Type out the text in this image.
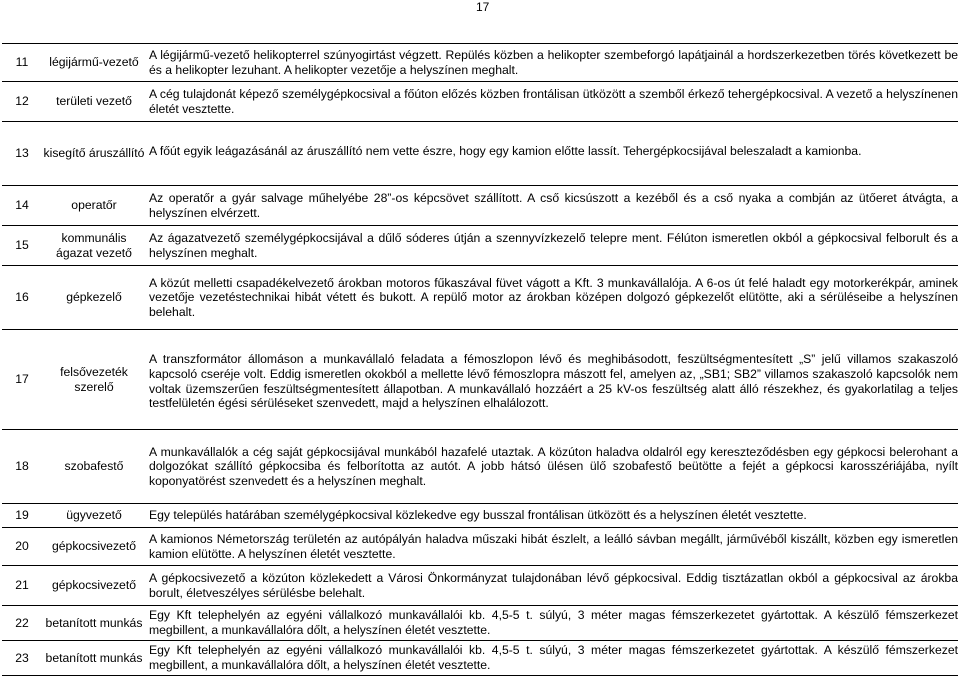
17
11	légijármű-vezető	A légijármű-vezető helikopterrel szúnyogirtást végzett. Repülés közben a helikopter szembeforgó lapátjainál a hordszerkezetben törés következett be és a helikopter lezuhant. A helikopter vezetője a helyszínen meghalt.
12	területi vezető	A cég tulajdonát képező személygépkocsival a főúton előzés közben frontálisan ütközött a szemből érkező tehergépkocsival. A vezető a helyszínenen életét vesztette.
13	kisegítő áruszállító	A főút egyik leágazásánál az áruszállító nem vette észre, hogy egy kamion előtte lassít. Tehergépkocsijával beleszaladt a kamionba.
14	operatőr	Az operatőr a gyár salvage műhelyébe 28”-os képcsövet szállított. A cső kicsúszott a kezéből és a cső nyaka a combján az ütőeret átvágta, a helyszínen elvérzett.
15	kommunális ágazat vezető	Az ágazatvezető személygépkocsijával a dűlő sóderes útján a szennyvízkezelő telepre ment. Félúton ismeretlen okból a gépkocsival felborult és a helyszínen meghalt.
16	gépkezelő	A közút melletti csapadékelvezető árokban motoros fűkaszával füvet vágott a Kft. 3 munkavállalója. A 6-os út felé haladt egy motorkerékpár, aminek vezetője vezetéstechnikai hibát vétett és bukott. A repülő motor az árokban középen dolgozó gépkezelőt elütötte, aki a sérüléseibe a helyszínen belehalt.
17	felsővezeték szerelő	A transzformátor állomáson a munkavállaló feladata a fémoszlopon lévő és meghibásodott, feszültségmentesített „S” jelű villamos szakaszoló kapcsoló cseréje volt. Eddig ismeretlen okokból a mellette lévő fémoszlopra mászott fel, amelyen az, „SB1; SB2” villamos szakaszoló kapcsolók nem voltak üzemszerűen feszültségmentesített állapotban. A munkavállaló hozzáért a 25 kV-os feszültség alatt álló részekhez, és gyakorlatilag a teljes testfelületén égési sérüléseket szenvedett, majd a helyszínen elhalálozott.
18	szobafestő	A munkavállalók a cég saját gépkocsijával munkából hazafelé utaztak. A közúton haladva oldalról egy kereszteződésben egy gépkocsi belerohant a dolgozókat szállító gépkocsiba és felborította az autót. A jobb hátsó ülésen ülő szobafestő beütötte a fejét a gépkocsi karosszériájába, nyílt koponyatörést szenvedett és a helyszínen meghalt.
19	ügyvezető	Egy település határában személygépkocsival közlekedve egy busszal frontálisan ütközött és a helyszínen életét vesztette.
20	gépkocsivezető	A kamionos Németország területén az autópályán haladva műszaki hibát észlelt, a leálló sávban megállt, járművéből kiszállt, közben egy ismeretlen kamion elütötte. A helyszínen életét vesztette.
21	gépkocsivezető	A gépkocsivezető a közúton közlekedett a Városi Önkormányzat tulajdonában lévő gépkocsival. Eddig tisztázatlan okból a gépkocsival az árokba borult, életveszélyes sérülésbe belehalt.
22	betanított munkás	Egy Kft telephelyén az egyéni vállalkozó munkavállalói kb. 4,5-5 t. súlyú, 3 méter magas fémszerkezetet gyártottak. A készülő fémszerkezet megbillent, a munkavállalóra dőlt, a helyszínen életét vesztette.
23	betanított munkás	Egy Kft telephelyén az egyéni vállalkozó munkavállalói kb. 4,5-5 t. súlyú, 3 méter magas fémszerkezetet gyártottak. A készülő fémszerkezet megbillent, a munkavállalóra dőlt, a helyszínen életét vesztette.
